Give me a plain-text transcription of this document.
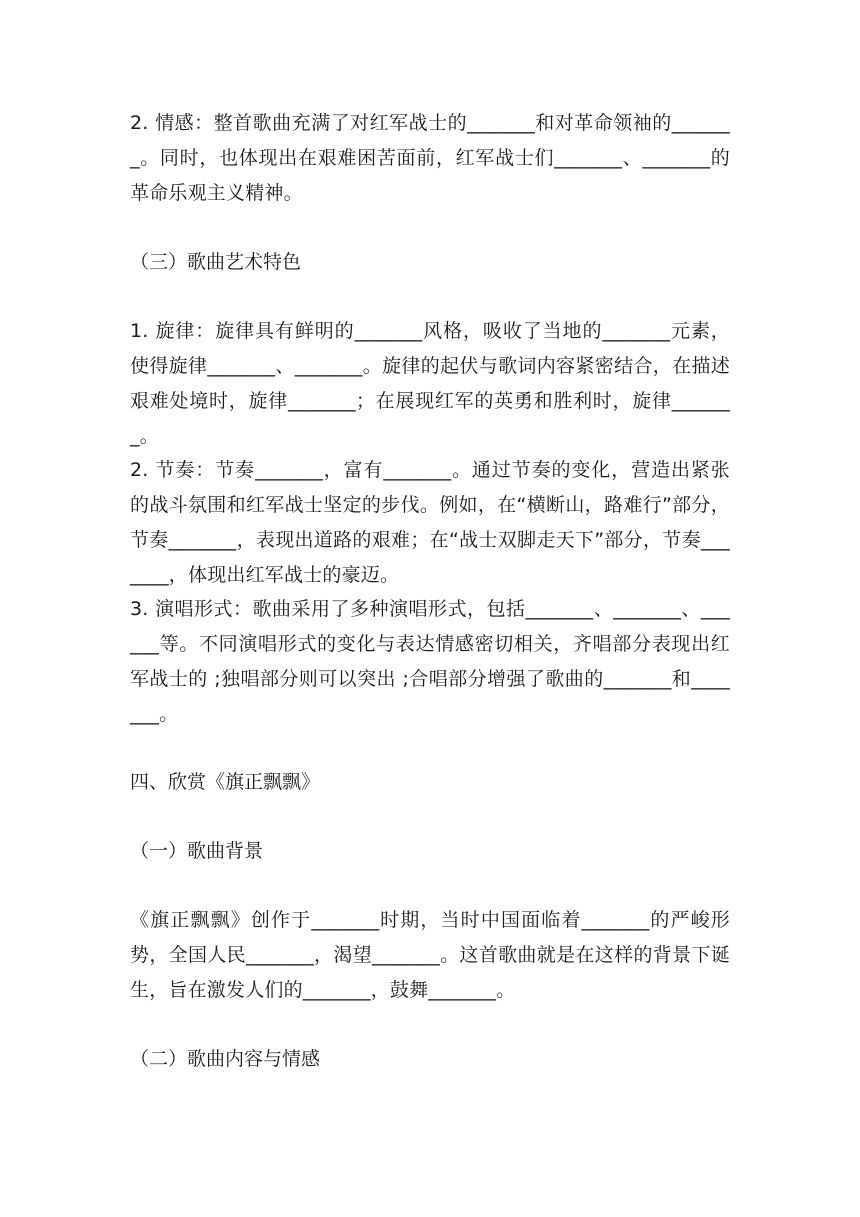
2. 情感：整首歌曲充满了对红军战士的_______和对革命领袖的_______。同时，也体现出在艰难困苦面前，红军战士们_______、_______的革命乐观主义精神。

（三）歌曲艺术特色

1. 旋律：旋律具有鲜明的_______风格，吸收了当地的_______元素，使得旋律_______、_______。旋律的起伏与歌词内容紧密结合，在描述艰难处境时，旋律_______；在展现红军的英勇和胜利时，旋律_______。

2. 节奏：节奏_______，富有_______。通过节奏的变化，营造出紧张的战斗氛围和红军战士坚定的步伐。例如，在“横断山，路难行”部分，节奏_______，表现出道路的艰难；在“战士双脚走天下”部分，节奏_______，体现出红军战士的豪迈。

3. 演唱形式：歌曲采用了多种演唱形式，包括_______、_______、______等。不同演唱形式的变化与表达情感密切相关，齐唱部分表现出红军战士的 ;独唱部分则可以突出 ;合唱部分增强了歌曲的_______和_______。

四、欣赏《旗正飘飘》
（一）歌曲背景

《旗正飘飘》创作于_______时期，当时中国面临着_______的严峻形势，全国人民_______，渴望_______。这首歌曲就是在这样的背景下诞生，旨在激发人们的_______，鼓舞_______。

（二）歌曲内容与情感
